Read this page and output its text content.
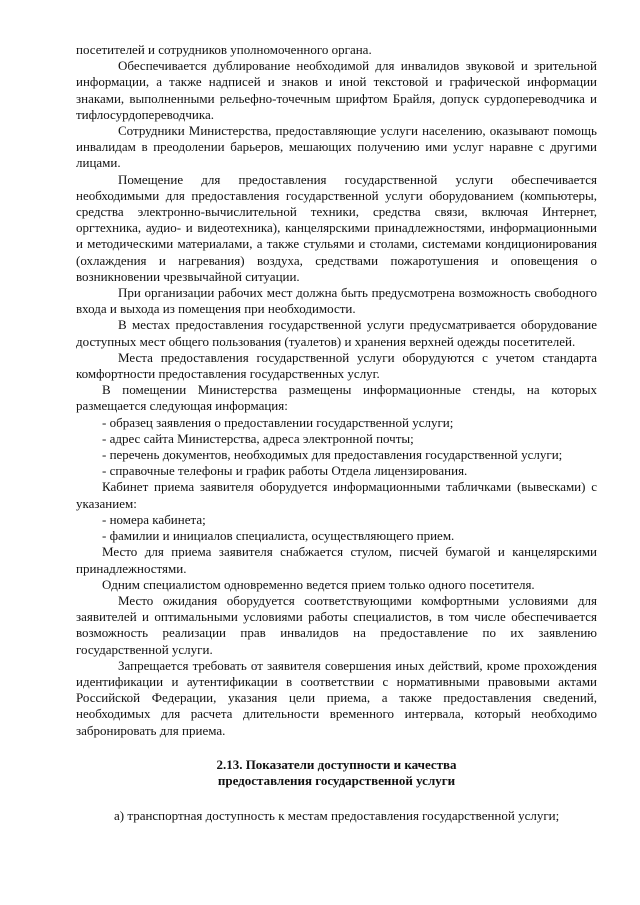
посетителей и сотрудников уполномоченного органа.

Обеспечивается дублирование необходимой для инвалидов звуковой и зрительной информации, а также надписей и знаков и иной текстовой и графической информации знаками, выполненными рельефно-точечным шрифтом Брайля, допуск сурдопереводчика и тифлосурдопереводчика.

Сотрудники Министерства, предоставляющие услуги населению, оказывают помощь инвалидам в преодолении барьеров, мешающих получению ими услуг наравне с другими лицами.

Помещение для предоставления государственной услуги обеспечивается необходимыми для предоставления государственной услуги оборудованием (компьютеры, средства электронно-вычислительной техники, средства связи, включая Интернет, оргтехника, аудио- и видеотехника), канцелярскими принадлежностями, информационными и методическими материалами, а также стульями и столами, системами кондиционирования (охлаждения и нагревания) воздуха, средствами пожаротушения и оповещения о возникновении чрезвычайной ситуации.

При организации рабочих мест должна быть предусмотрена возможность свободного входа и выхода из помещения при необходимости.

В местах предоставления государственной услуги предусматривается оборудование доступных мест общего пользования (туалетов) и хранения верхней одежды посетителей.

Места предоставления государственной услуги оборудуются с учетом стандарта комфортности предоставления государственных услуг.

В помещении Министерства размещены информационные стенды, на которых размещается следующая информация:

- образец заявления о предоставлении государственной услуги;

- адрес сайта Министерства, адреса электронной почты;

- перечень документов, необходимых для предоставления государственной услуги;

- справочные телефоны и график работы Отдела лицензирования.

Кабинет приема заявителя оборудуется информационными табличками (вывесками) с указанием:

- номера кабинета;

- фамилии и инициалов специалиста, осуществляющего прием.

Место для приема заявителя снабжается стулом, писчей бумагой и канцелярскими принадлежностями.

Одним специалистом одновременно ведется прием только одного посетителя.

Место ожидания оборудуется соответствующими комфортными условиями для заявителей и оптимальными условиями работы специалистов, в том числе обеспечивается возможность реализации прав инвалидов на предоставление по их заявлению государственной услуги.

Запрещается требовать от заявителя совершения иных действий, кроме прохождения идентификации и аутентификации в соответствии с нормативными правовыми актами Российской Федерации, указания цели приема, а также предоставления сведений, необходимых для расчета длительности временного интервала, который необходимо забронировать для приема.

2.13. Показатели доступности и качества
предоставления государственной услуги

а) транспортная доступность к местам предоставления государственной услуги;
